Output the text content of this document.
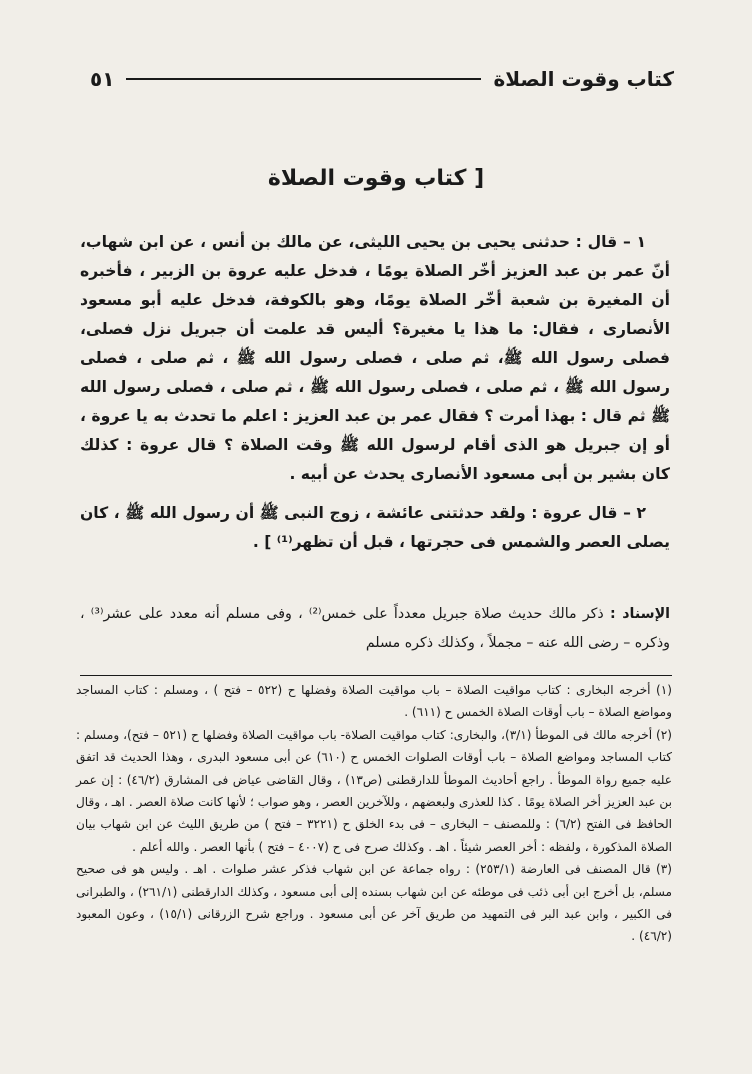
كتاب وقوت الصلاة
٥١
[ كتاب وقوت الصلاة

١ – قال : حدثنى يحيى بن يحيى الليثى، عن مالك بن أنس ، عن ابن شهاب، أنّ عمر بن عبد العزيز أخّر الصلاة يومًا ، فدخل عليه عروة بن الزبير ، فأخبره أن المغيرة بن شعبة أخّر الصلاة يومًا، وهو بالكوفة، فدخل عليه أبو مسعود الأنصارى ، فقال: ما هذا يا مغيرة؟ أليس قد علمت أن جبريل نزل فصلى، فصلى رسول الله ﷺ، ثم صلى ، فصلى رسول الله ﷺ ، ثم صلى ، فصلى رسول الله ﷺ ، ثم صلى ، فصلى رسول الله ﷺ ، ثم صلى ، فصلى رسول الله ﷺ ثم قال : بهذا أمرت ؟ فقال عمر بن عبد العزيز : اعلم ما تحدث به يا عروة ، أو إن جبريل هو الذى أقام لرسول الله ﷺ وقت الصلاة ؟ قال عروة : كذلك كان بشير بن أبى مسعود الأنصارى يحدث عن أبيه .

٢ – قال عروة : ولقد حدثتنى عائشة ، زوج النبى ﷺ أن رسول الله ﷺ ، كان يصلى العصر والشمس فى حجرتها ، قبل أن تظهر⁽¹⁾ ] .

الإسناد : ذكر مالك حديث صلاة جبريل معدداً على خمس⁽²⁾ ، وفى مسلم أنه معدد على عشر⁽³⁾ ، وذكره – رضى الله عنه – مجملاً ، وكذلك ذكره مسلم

(١) أخرجه البخارى : كتاب مواقيت الصلاة – باب مواقيت الصلاة وفضلها ح (٥٢٢ – فتح ) ، ومسلم : كتاب المساجد ومواضع الصلاة – باب أوقات الصلاة الخمس ح (٦١١) .

(٢) أخرجه مالك فى الموطأ (٣/١)، والبخارى: كتاب مواقيت الصلاة- باب مواقيت الصلاة وفضلها ح (٥٢١ – فتح)، ومسلم : كتاب المساجد ومواضع الصلاة – باب أوقات الصلوات الخمس ح (٦١٠) عن أبى مسعود البدرى ، وهذا الحديث قد اتفق عليه جميع رواة الموطأ . راجع أحاديث الموطأ للدارقطنى (ص١٣) ، وقال القاضى عياض فى المشارق (٤٦/٢) : إن عمر بن عبد العزيز أخر الصلاة يومًا . كذا للعذرى ولبعضهم ، وللآخرين العصر ، وهو صواب ؛ لأنها كانت صلاة العصر . اهـ ، وقال الحافظ فى الفتح (٦/٢) : وللمصنف – البخارى – فى بدء الخلق ح (٣٢٢١ – فتح ) من طريق الليث عن ابن شهاب بيان الصلاة المذكورة ، ولفظه : أخر العصر شيئاً . اهـ . وكذلك صرح فى ح (٤٠٠٧ – فتح ) بأنها العصر . والله أعلم .

(٣) قال المصنف فى العارضة (٢٥٣/١) : رواه جماعة عن ابن شهاب فذكر عشر صلوات . اهـ . وليس هو فى صحيح مسلم، بل أخرج ابن أبى ذئب فى موطئه عن ابن شهاب بسنده إلى أبى مسعود ، وكذلك الدارقطنى (٢٦١/١) ، والطبرانى فى الكبير ، وابن عبد البر فى التمهيد من طريق آخر عن أبى مسعود . وراجع شرح الزرقانى (١٥/١) ، وعون المعبود (٤٦/٢) .
